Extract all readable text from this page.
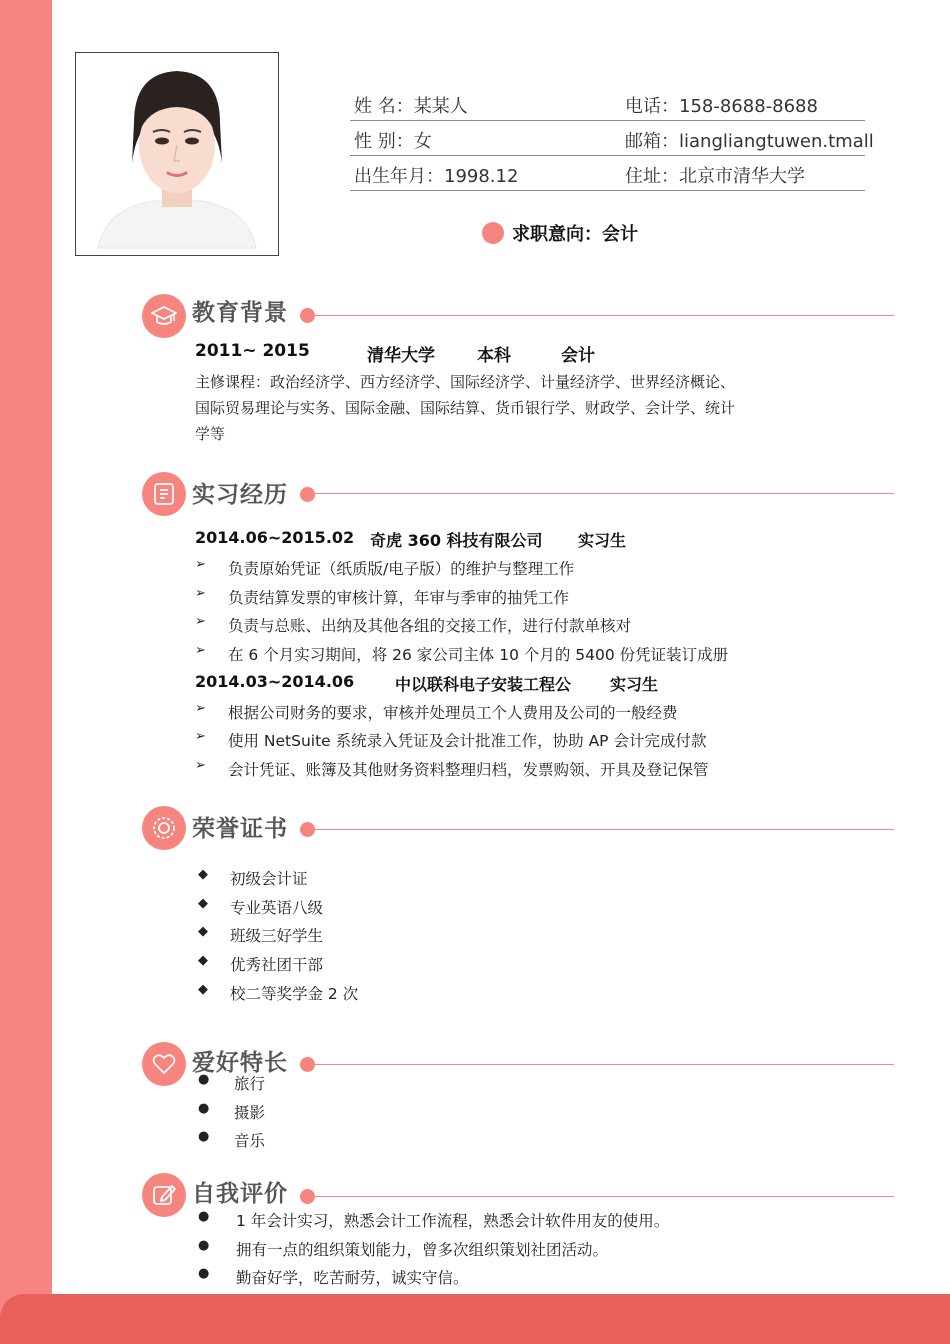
姓 名：某某人	电话：158-8688-8688
性 别：女	邮箱：liangliangtuwen.tmall
出生年月：1998.12	住址：北京市清华大学
求职意向： 会计
教育背景
2011~ 2015	清华大学 本科	会计
主修课程：政治经济学、西方经济学、国际经济学、计量经济学、世界经济概论、国际贸易理论与实务、国际金融、国际结算、货币银行学、财政学、会计学、统计学等
实习经历
2014.06~2015.02 奇虎 360 科技有限公司 实习生
➢ 负责原始凭证（纸质版/电子版）的维护与整理工作
➢ 负责结算发票的审核计算，年审与季审的抽凭工作
➢ 负责与总账、出纳及其他各组的交接工作，进行付款单核对
➢ 在 6 个月实习期间，将 26 家公司主体 10 个月的 5400 份凭证装订成册
2014.03~2014.06	中以联科电子安装工程公 实习生
➢ 根据公司财务的要求，审核并处理员工个人费用及公司的一般经费
➢ 使用 NetSuite 系统录入凭证及会计批准工作，协助 AP 会计完成付款
➢ 会计凭证、账簿及其他财务资料整理归档，发票购领、开具及登记保管
荣誉证书
◆ 初级会计证
◆ 专业英语八级
◆ 班级三好学生
◆ 优秀社团干部
◆ 校二等奖学金 2 次
爱好特长
● 旅行
● 摄影
● 音乐
自我评价
● 1 年会计实习，熟悉会计工作流程，熟悉会计软件用友的使用。
● 拥有一点的组织策划能力，曾多次组织策划社团活动。
● 勤奋好学，吃苦耐劳，诚实守信。
